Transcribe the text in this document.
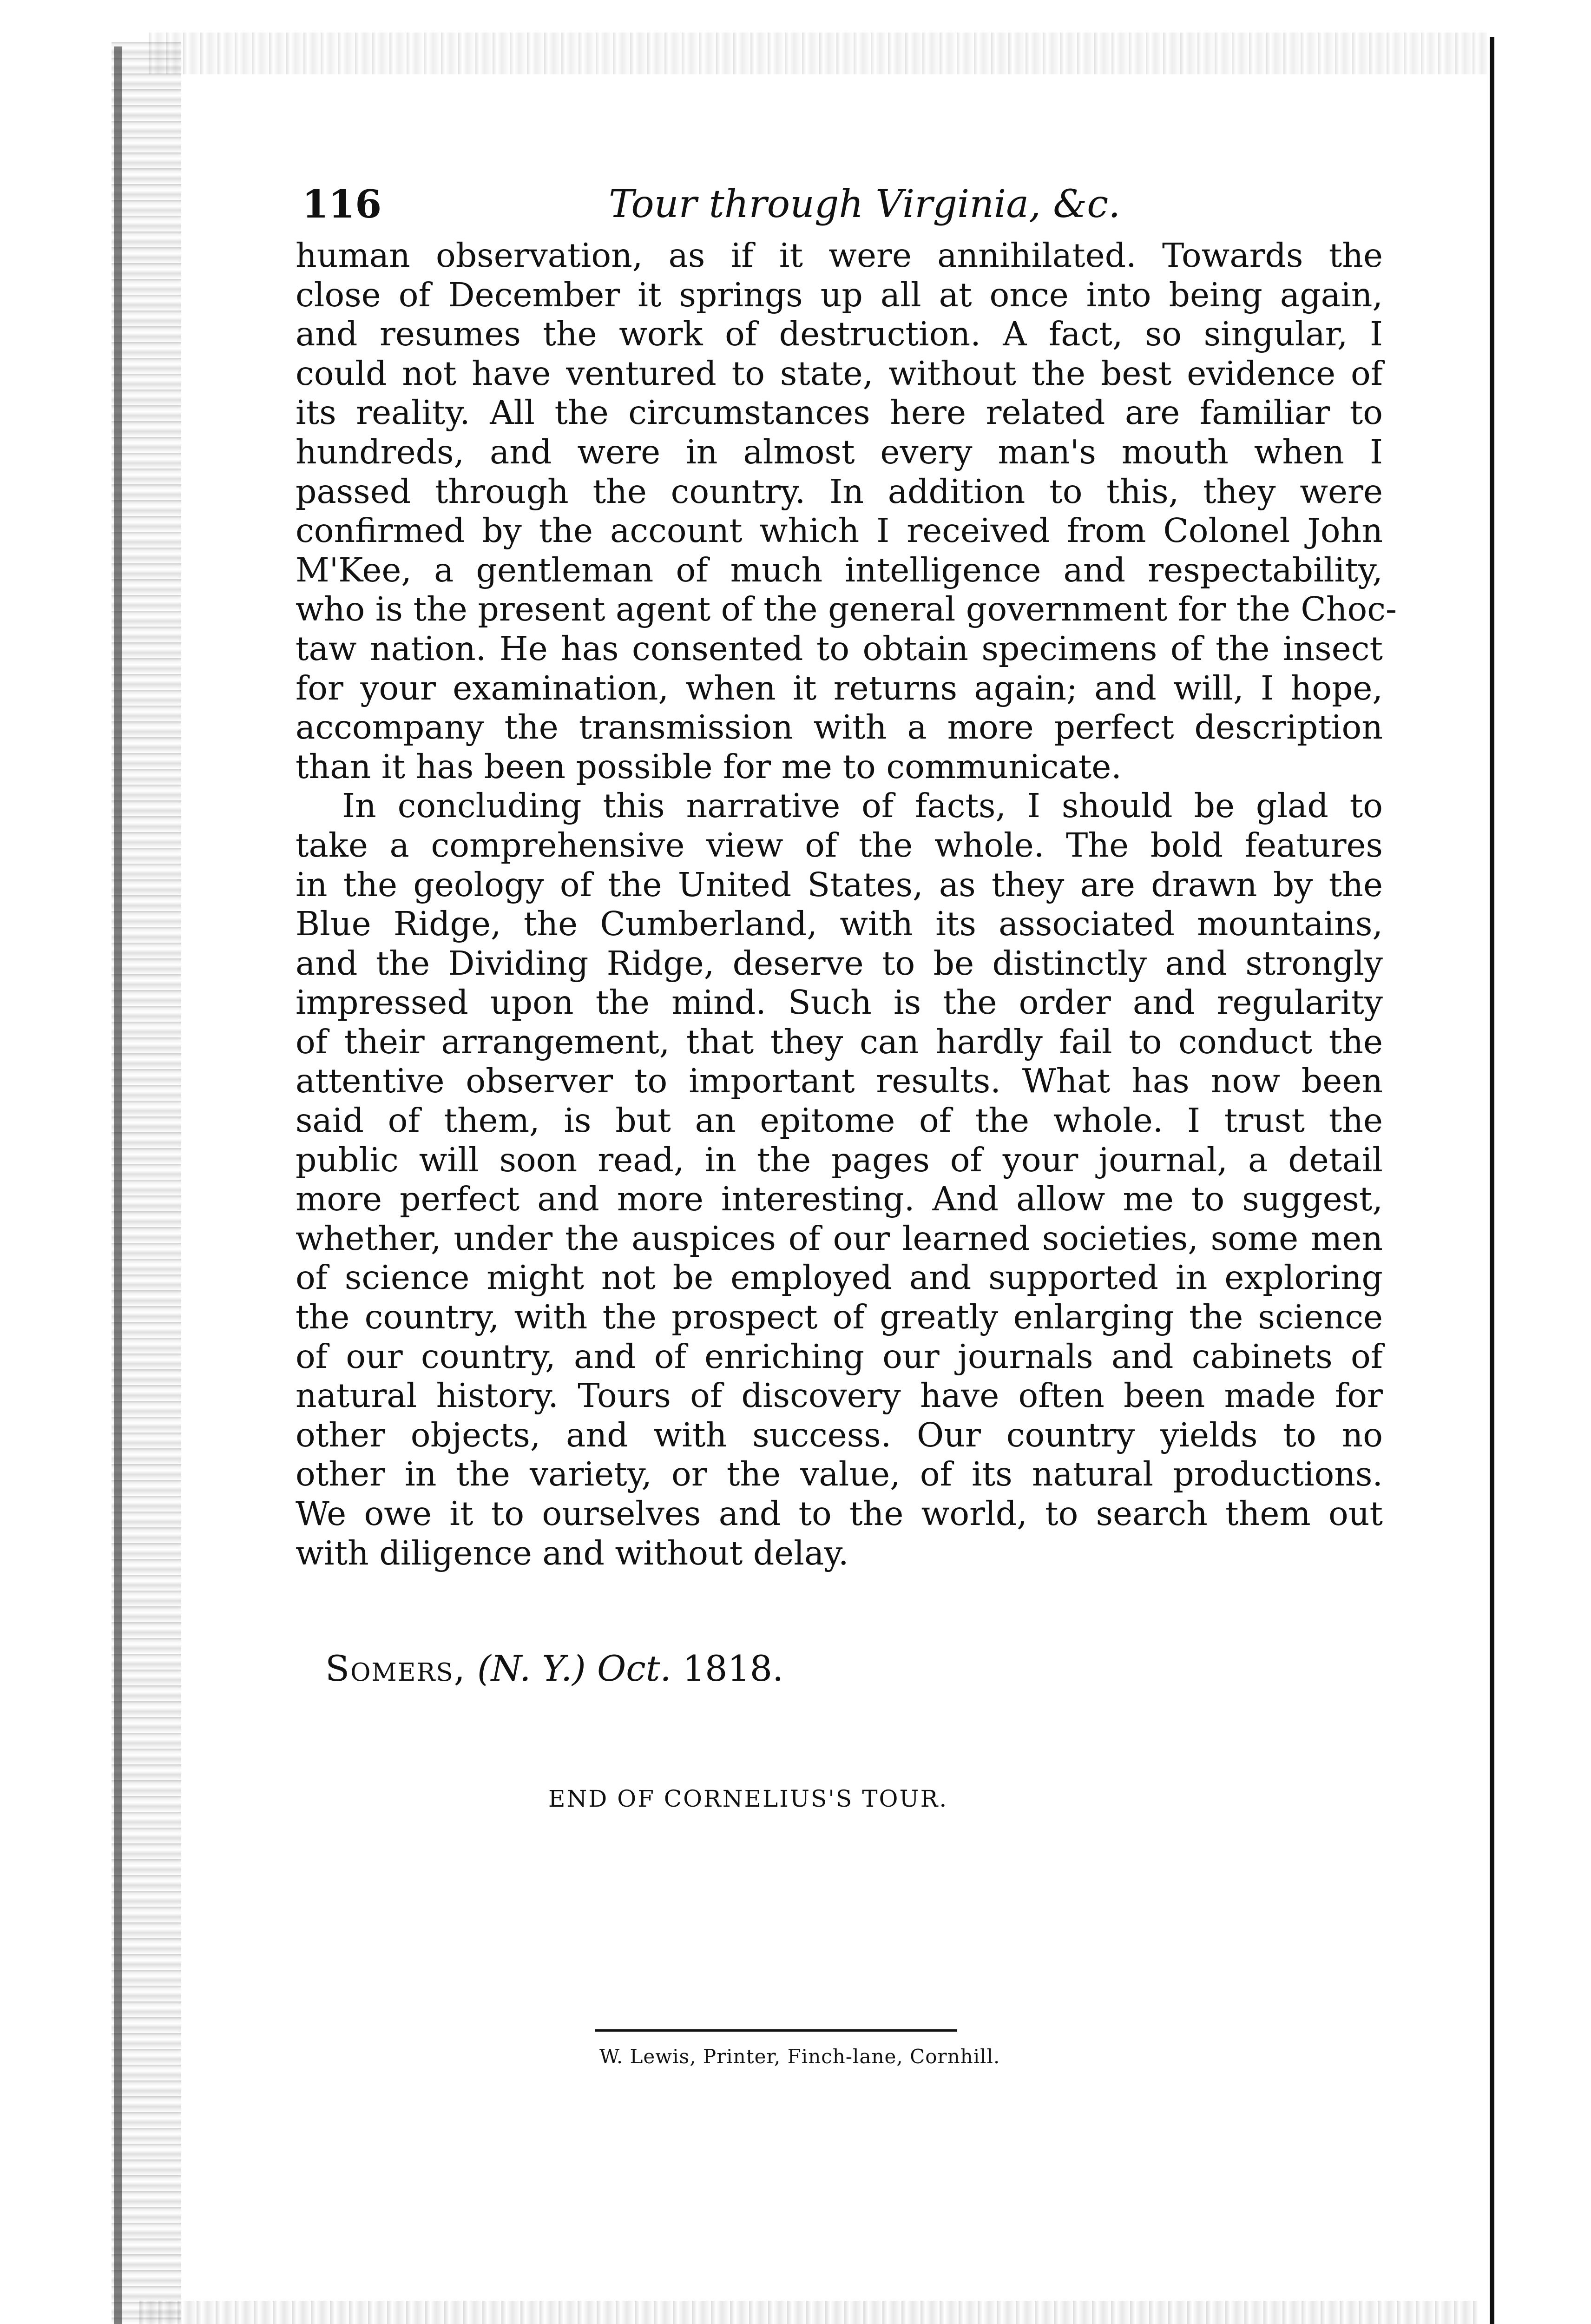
116	Tour through Virginia, &c.
human observation, as if it were annihilated. Towards the
close of December it springs up all at once into being again,
and resumes the work of destruction. A fact, so singular, I
could not have ventured to state, without the best evidence of
its reality. All the circumstances here related are familiar to
hundreds, and were in almost every man's mouth when I
passed through the country. In addition to this, they were
confirmed by the account which I received from Colonel John
M'Kee, a gentleman of much intelligence and respectability,
who is the present agent of the general government for the Choc-
taw nation. He has consented to obtain specimens of the insect
for your examination, when it returns again; and will, I hope,
accompany the transmission with a more perfect description
than it has been possible for me to communicate.
In concluding this narrative of facts, I should be glad to
take a comprehensive view of the whole. The bold features
in the geology of the United States, as they are drawn by the
Blue Ridge, the Cumberland, with its associated mountains,
and the Dividing Ridge, deserve to be distinctly and strongly
impressed upon the mind. Such is the order and regularity
of their arrangement, that they can hardly fail to conduct the
attentive observer to important results. What has now been
said of them, is but an epitome of the whole. I trust the
public will soon read, in the pages of your journal, a detail
more perfect and more interesting. And allow me to suggest,
whether, under the auspices of our learned societies, some men
of science might not be employed and supported in exploring
the country, with the prospect of greatly enlarging the science
of our country, and of enriching our journals and cabinets of
natural history. Tours of discovery have often been made for
other objects, and with success. Our country yields to no
other in the variety, or the value, of its natural productions.
We owe it to ourselves and to the world, to search them out
with diligence and without delay.
Somers, (N. Y.) Oct. 1818.
END OF CORNELIUS'S TOUR.
W. Lewis, Printer, Finch-lane, Cornhill.
